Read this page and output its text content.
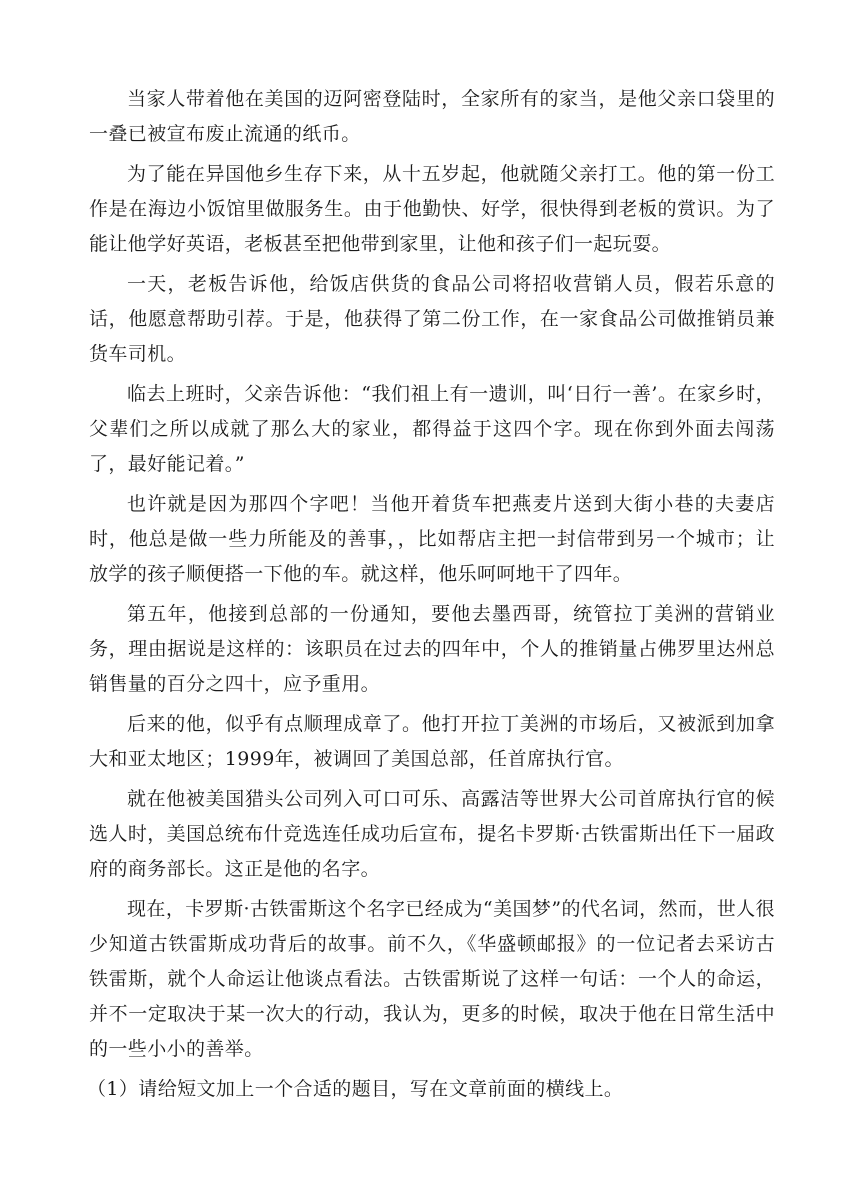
当家人带着他在美国的迈阿密登陆时，全家所有的家当，是他父亲口袋里的一叠已被宣布废止流通的纸币。

为了能在异国他乡生存下来，从十五岁起，他就随父亲打工。他的第一份工作是在海边小饭馆里做服务生。由于他勤快、好学，很快得到老板的赏识。为了能让他学好英语，老板甚至把他带到家里，让他和孩子们一起玩耍。

一天，老板告诉他，给饭店供货的食品公司将招收营销人员，假若乐意的话，他愿意帮助引荐。于是，他获得了第二份工作，在一家食品公司做推销员兼货车司机。

临去上班时，父亲告诉他：“我们祖上有一遗训，叫‘日行一善’。在家乡时，父辈们之所以成就了那么大的家业，都得益于这四个字。现在你到外面去闯荡了，最好能记着。”

也许就是因为那四个字吧！当他开着货车把燕麦片送到大街小巷的夫妻店时，他总是做一些力所能及的善事，，比如帮店主把一封信带到另一个城市；让放学的孩子顺便搭一下他的车。就这样，他乐呵呵地干了四年。

第五年，他接到总部的一份通知，要他去墨西哥，统管拉丁美洲的营销业务，理由据说是这样的：该职员在过去的四年中，个人的推销量占佛罗里达州总销售量的百分之四十，应予重用。

后来的他，似乎有点顺理成章了。他打开拉丁美洲的市场后，又被派到加拿大和亚太地区；1999年，被调回了美国总部，任首席执行官。

就在他被美国猎头公司列入可口可乐、高露洁等世界大公司首席执行官的候选人时，美国总统布什竞选连任成功后宣布，提名卡罗斯·古铁雷斯出任下一届政府的商务部长。这正是他的名字。

现在，卡罗斯·古铁雷斯这个名字已经成为“美国梦”的代名词，然而，世人很少知道古铁雷斯成功背后的故事。前不久，《华盛顿邮报》的一位记者去采访古铁雷斯，就个人命运让他谈点看法。古铁雷斯说了这样一句话：一个人的命运，并不一定取决于某一次大的行动，我认为，更多的时候，取决于他在日常生活中的一些小小的善举。

（1）请给短文加上一个合适的题目，写在文章前面的横线上。
